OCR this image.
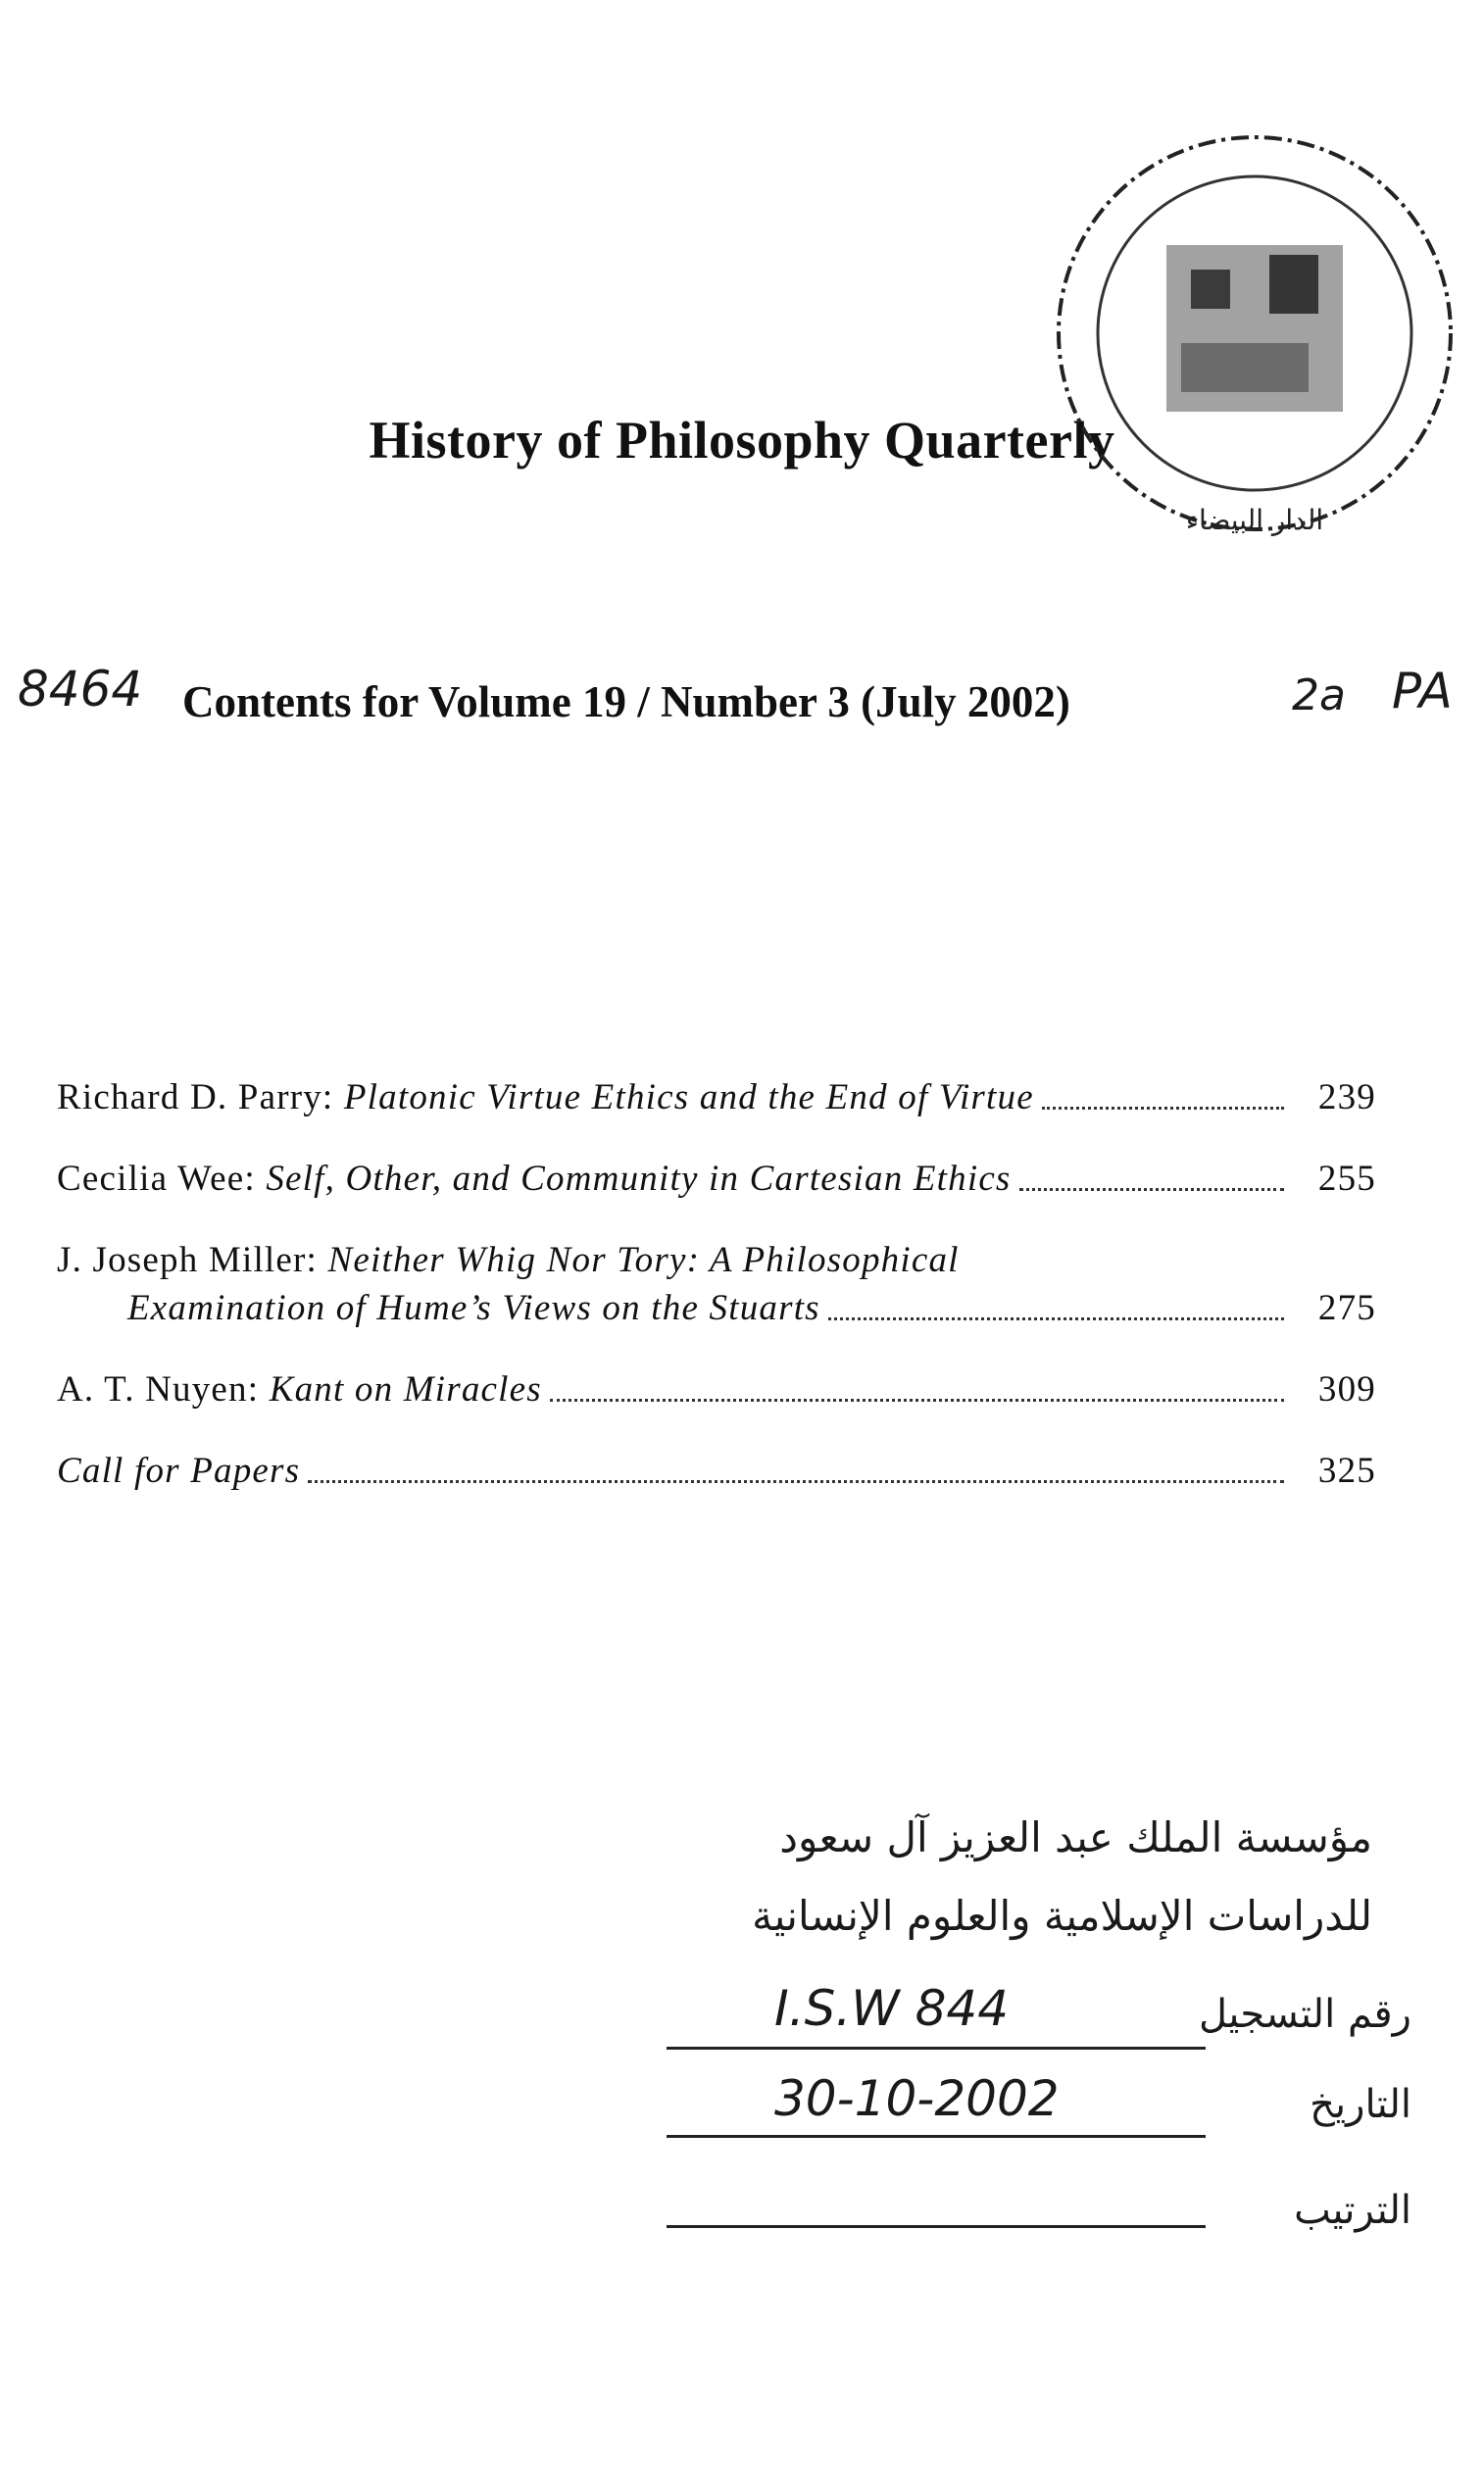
History of Philosophy Quarterly
الدار البيضاء
8464 Contents for Volume 19 / Number 3 (July 2002)	2a PA
Richard D. Parry:
Platonic Virtue Ethics and the End of Virtue	239
Cecilia Wee:
Self, Other, and Community in Cartesian Ethics	255
J. Joseph Miller: Neither Whig Nor Tory: A Philosophical
Examination of Hume’s Views on the Stuarts	275
A. T. Nuyen:
Kant on Miracles	309
Call for Papers	325
مؤسسة الملك عبد العزيز آل سعود
للدراسات الإسلامية والعلوم الإنسانية
I.S.W 844	رقم التسجيل
30-10-2002	التاريخ
الترتيب
